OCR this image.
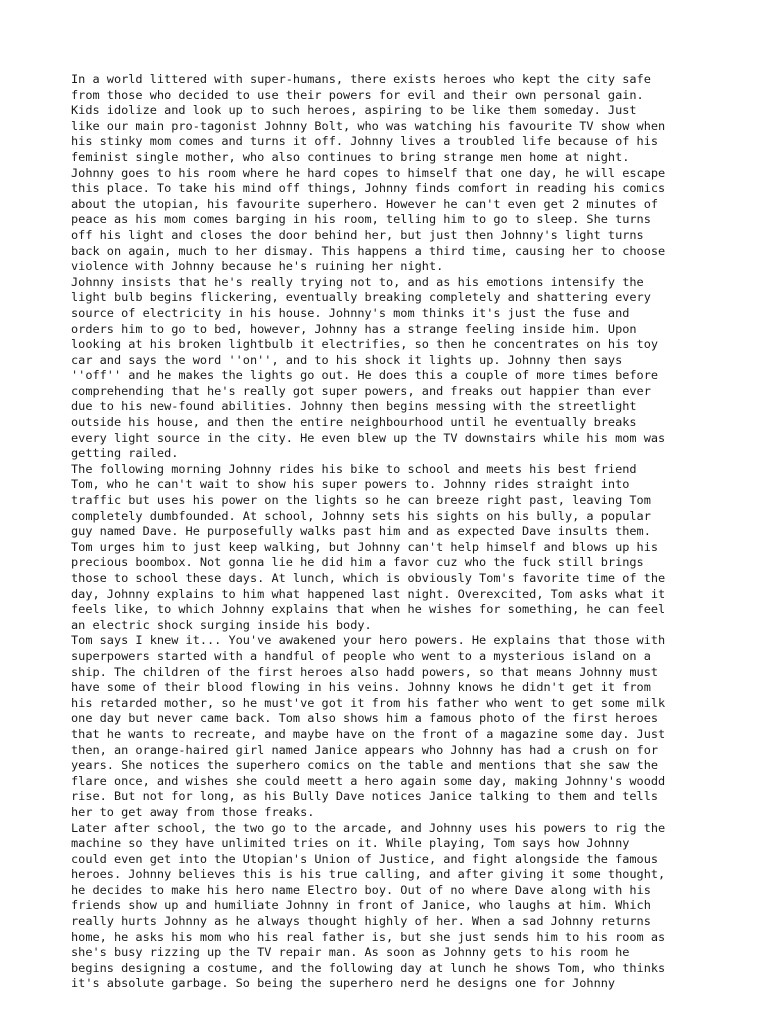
In a world littered with super-humans, there exists heroes who kept the city safe
from those who decided to use their powers for evil and their own personal gain.
Kids idolize and look up to such heroes, aspiring to be like them someday. Just
like our main pro-tagonist Johnny Bolt, who was watching his favourite TV show when
his stinky mom comes and turns it off. Johnny lives a troubled life because of his
feminist single mother, who also continues to bring strange men home at night.
Johnny goes to his room where he hard copes to himself that one day, he will escape
this place. To take his mind off things, Johnny finds comfort in reading his comics
about the utopian, his favourite superhero. However he can't even get 2 minutes of
peace as his mom comes barging in his room, telling him to go to sleep. She turns
off his light and closes the door behind her, but just then Johnny's light turns
back on again, much to her dismay. This happens a third time, causing her to choose
violence with Johnny because he's ruining her night.
Johnny insists that he's really trying not to, and as his emotions intensify the
light bulb begins flickering, eventually breaking completely and shattering every
source of electricity in his house. Johnny's mom thinks it's just the fuse and
orders him to go to bed, however, Johnny has a strange feeling inside him. Upon
looking at his broken lightbulb it electrifies, so then he concentrates on his toy
car and says the word ''on'', and to his shock it lights up. Johnny then says
''off'' and he makes the lights go out. He does this a couple of more times before
comprehending that he's really got super powers, and freaks out happier than ever
due to his new-found abilities. Johnny then begins messing with the streetlight
outside his house, and then the entire neighbourhood until he eventually breaks
every light source in the city. He even blew up the TV downstairs while his mom was
getting railed.
The following morning Johnny rides his bike to school and meets his best friend
Tom, who he can't wait to show his super powers to. Johnny rides straight into
traffic but uses his power on the lights so he can breeze right past, leaving Tom
completely dumbfounded. At school, Johnny sets his sights on his bully, a popular
guy named Dave. He purposefully walks past him and as expected Dave insults them.
Tom urges him to just keep walking, but Johnny can't help himself and blows up his
precious boombox. Not gonna lie he did him a favor cuz who the fuck still brings
those to school these days. At lunch, which is obviously Tom's favorite time of the
day, Johnny explains to him what happened last night. Overexcited, Tom asks what it
feels like, to which Johnny explains that when he wishes for something, he can feel
an electric shock surging inside his body.
Tom says I knew it... You've awakened your hero powers. He explains that those with
superpowers started with a handful of people who went to a mysterious island on a
ship. The children of the first heroes also hadd powers, so that means Johnny must
have some of their blood flowing in his veins. Johnny knows he didn't get it from
his retarded mother, so he must've got it from his father who went to get some milk
one day but never came back. Tom also shows him a famous photo of the first heroes
that he wants to recreate, and maybe have on the front of a magazine some day. Just
then, an orange-haired girl named Janice appears who Johnny has had a crush on for
years. She notices the superhero comics on the table and mentions that she saw the
flare once, and wishes she could meett a hero again some day, making Johnny's woodd
rise. But not for long, as his Bully Dave notices Janice talking to them and tells
her to get away from those freaks.
Later after school, the two go to the arcade, and Johnny uses his powers to rig the
machine so they have unlimited tries on it. While playing, Tom says how Johnny
could even get into the Utopian's Union of Justice, and fight alongside the famous
heroes. Johnny believes this is his true calling, and after giving it some thought,
he decides to make his hero name Electro boy. Out of no where Dave along with his
friends show up and humiliate Johnny in front of Janice, who laughs at him. Which
really hurts Johnny as he always thought highly of her. When a sad Johnny returns
home, he asks his mom who his real father is, but she just sends him to his room as
she's busy rizzing up the TV repair man. As soon as Johnny gets to his room he
begins designing a costume, and the following day at lunch he shows Tom, who thinks
it's absolute garbage. So being the superhero nerd he designs one for Johnny
